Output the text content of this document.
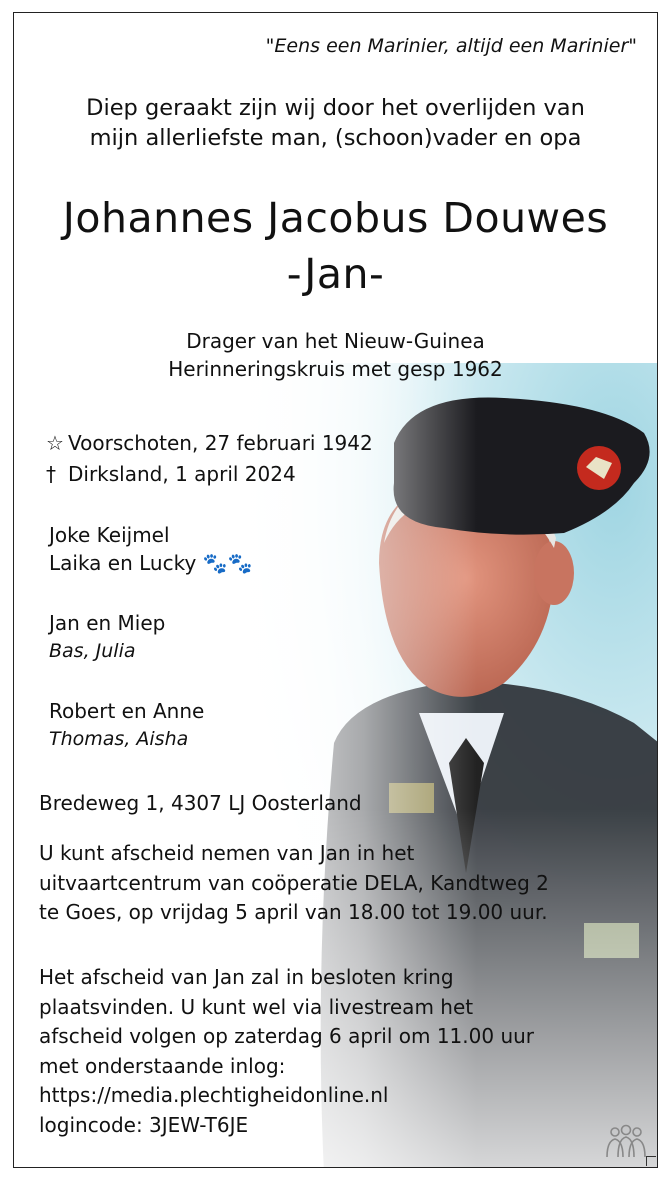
"Eens een Marinier, altijd een Marinier"
Diep geraakt zijn wij door het overlijden van
mijn allerliefste man, (schoon)vader en opa
Johannes Jacobus Douwes
-Jan-
Drager van het Nieuw-Guinea
Herinneringskruis met gesp 1962
☆ Voorschoten, 27 februari 1942
† Dirksland, 1 april 2024
Joke Keijmel
Laika en Lucky 🐾🐾
Jan en Miep
Bas, Julia
Robert en Anne
Thomas, Aisha
Bredeweg 1, 4307 LJ Oosterland
U kunt afscheid nemen van Jan in het
uitvaartcentrum van coöperatie DELA, Kandtweg 2
te Goes, op vrijdag 5 april van 18.00 tot 19.00 uur.
Het afscheid van Jan zal in besloten kring
plaatsvinden. U kunt wel via livestream het
afscheid volgen op zaterdag 6 april om 11.00 uur
met onderstaande inlog:
https://media.plechtigheidonline.nl
logincode: 3JEW-T6JE
